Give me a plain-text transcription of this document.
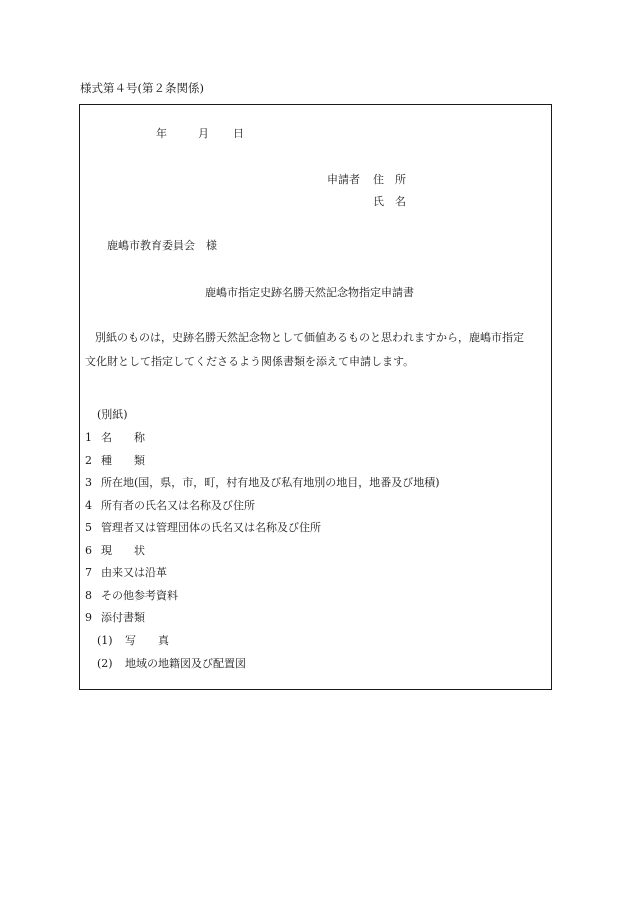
様式第４号(第２条関係)
年	月 日
申請者 住　所
氏　名
鹿嶋市教育委員会　様
鹿嶋市指定史跡名勝天然記念物指定申請書
別紙のものは，史跡名勝天然記念物として価値あるものと思われますから，鹿嶋市指定
文化財として指定してくださるよう関係書類を添えて申請します。
(別紙)
1 名　　称
2 種　　類
3 所在地(国，県，市，町，村有地及び私有地別の地目，地番及び地積)
4 所有者の氏名又は名称及び住所
5 管理者又は管理団体の氏名又は名称及び住所
6 現　　状
7 由来又は沿革
8 その他参考資料
9 添付書類
(1) 写　　真
(2) 地域の地籍図及び配置図
